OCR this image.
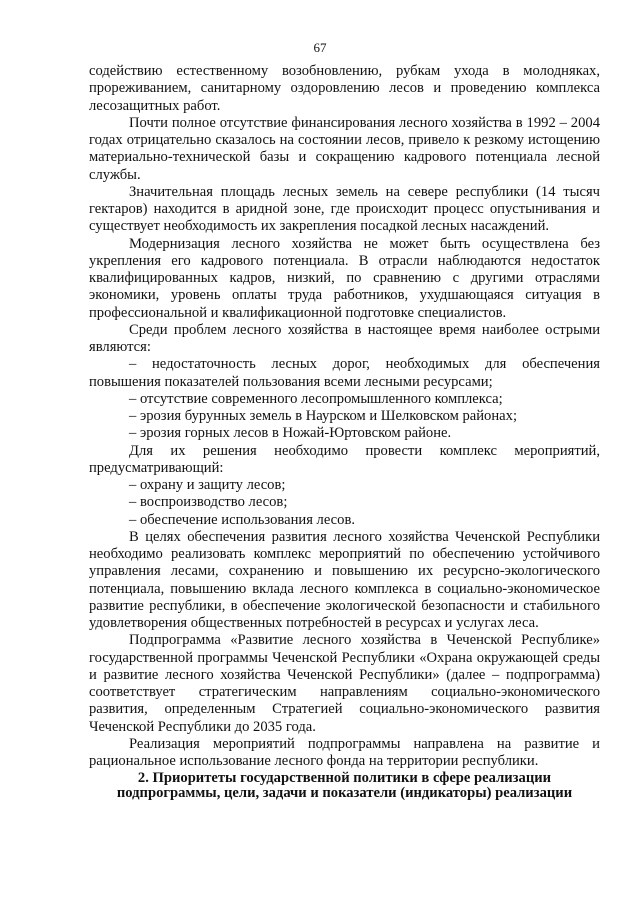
67

содействию естественному возобновлению, рубкам ухода в молодняках, прореживанием, санитарному оздоровлению лесов и проведению комплекса лесозащитных работ.

Почти полное отсутствие финансирования лесного хозяйства в 1992 – 2004 годах отрицательно сказалось на состоянии лесов, привело к резкому истощению материально-технической базы и сокращению кадрового потенциала лесной службы.

Значительная площадь лесных земель на севере республики (14 тысяч гектаров) находится в аридной зоне, где происходит процесс опустынивания и существует необходимость их закрепления посадкой лесных насаждений.

Модернизация лесного хозяйства не может быть осуществлена без укрепления его кадрового потенциала. В отрасли наблюдаются недостаток квалифицированных кадров, низкий, по сравнению с другими отраслями экономики, уровень оплаты труда работников, ухудшающаяся ситуация в профессиональной и квалификационной подготовке специалистов.

Среди проблем лесного хозяйства в настоящее время наиболее острыми являются:

– недостаточность лесных дорог, необходимых для обеспечения повышения показателей пользования всеми лесными ресурсами;

– отсутствие современного лесопромышленного комплекса;

– эрозия бурунных земель в Наурском и Шелковском районах;

– эрозия горных лесов в Ножай-Юртовском районе.

Для их решения необходимо провести комплекс мероприятий, предусматривающий:

– охрану и защиту лесов;

– воспроизводство лесов;

– обеспечение использования лесов.

В целях обеспечения развития лесного хозяйства Чеченской Республики необходимо реализовать комплекс мероприятий по обеспечению устойчивого управления лесами, сохранению и повышению их ресурсно-экологического потенциала, повышению вклада лесного комплекса в социально-экономическое развитие республики, в обеспечение экологической безопасности и стабильного удовлетворения общественных потребностей в ресурсах и услугах леса.

Подпрограмма «Развитие лесного хозяйства в Чеченской Республике» государственной программы Чеченской Республики «Охрана окружающей среды и развитие лесного хозяйства Чеченской Республики» (далее – подпрограмма) соответствует стратегическим направлениям социально-экономического развития, определенным Стратегией социально-экономического развития Чеченской Республики до 2035 года.

Реализация мероприятий подпрограммы направлена на развитие и рациональное использование лесного фонда на территории республики.

2. Приоритеты государственной политики в сфере реализации подпрограммы, цели, задачи и показатели (индикаторы) реализации
